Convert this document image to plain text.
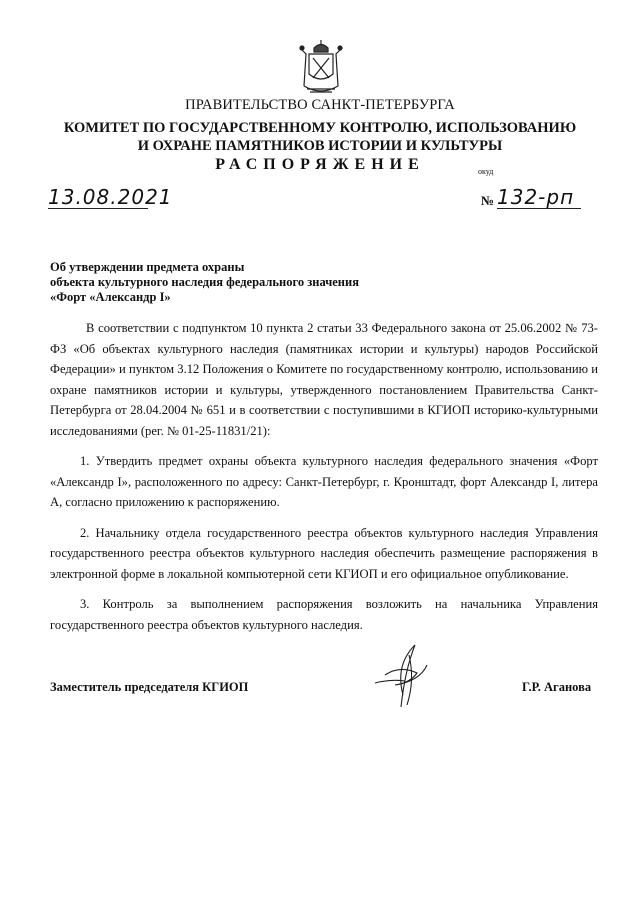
ПРАВИТЕЛЬСТВО САНКТ-ПЕТЕРБУРГА
КОМИТЕТ ПО ГОСУДАРСТВЕННОМУ КОНТРОЛЮ, ИСПОЛЬЗОВАНИЮ
И ОХРАНЕ ПАМЯТНИКОВ ИСТОРИИ И КУЛЬТУРЫ
РАСПОРЯЖЕНИЕ	окуд
13.08.2021	№ 132-рп
Об утверждении предмета охраны
объекта культурного наследия федерального значения
«Форт «Александр I»

В соответствии с подпунктом 10 пункта 2 статьи 33 Федерального закона от 25.06.2002 № 73-ФЗ «Об объектах культурного наследия (памятниках истории и культуры) народов Российской Федерации» и пунктом 3.12 Положения о Комитете по государственному контролю, использованию и охране памятников истории и культуры, утвержденного постановлением Правительства Санкт-Петербурга от 28.04.2004 № 651 и в соответствии с поступившими в КГИОП историко-культурными исследованиями (рег. № 01-25-11831/21):

1. Утвердить предмет охраны объекта культурного наследия федерального значения «Форт «Александр I», расположенного по адресу: Санкт-Петербург, г. Кронштадт, форт Александр I, литера А, согласно приложению к распоряжению.

2. Начальнику отдела государственного реестра объектов культурного наследия Управления государственного реестра объектов культурного наследия обеспечить размещение распоряжения в электронной форме в локальной компьютерной сети КГИОП и его официальное опубликование.

3. Контроль за выполнением распоряжения возложить на начальника Управления государственного реестра объектов культурного наследия.

Заместитель председателя КГИОП	Г.Р. Аганова
